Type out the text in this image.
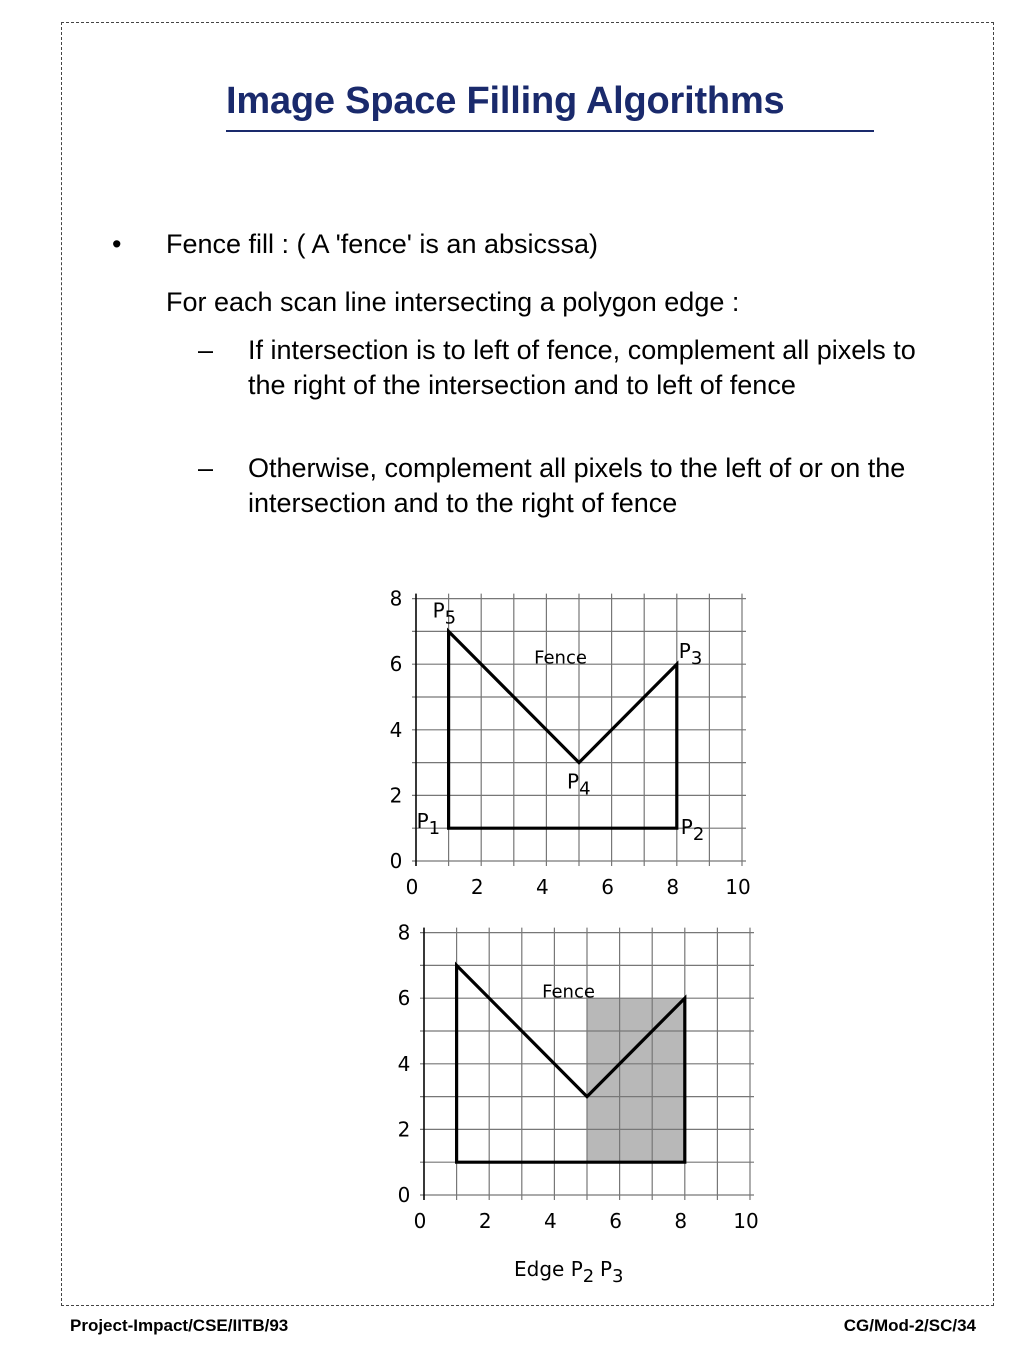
Image Space Filling Algorithms
• Fence fill : ( A 'fence' is an absicssa)
For each scan line intersecting a polygon edge :
– If intersection is to left of fence, complement all pixels to the right of the intersection and to left of fence
– Otherwise, complement all pixels to the left of or on the intersection and to the right of fence
0	2	4	6	8 10
0
2
4
6
8
P1	P2
P3
P4
P5
Fence
0	2	4	6	8 10
0
2
4
6
8
Fence
Edge P2 P3
Project-Impact/CSE/IITB/93	CG/Mod-2/SC/34
